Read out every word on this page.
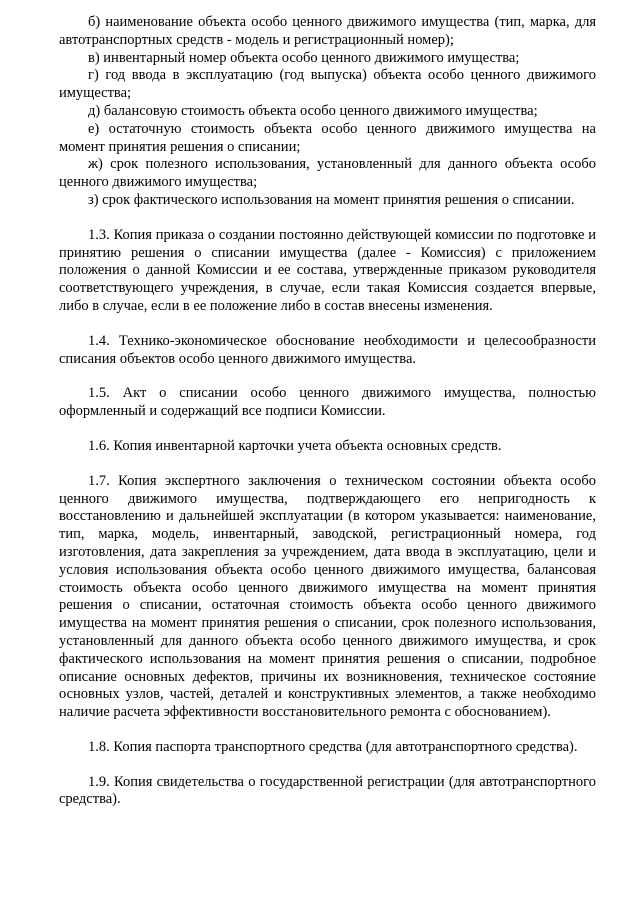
б) наименование объекта особо ценного движимого имущества (тип, марка, для автотранспортных средств - модель и регистрационный номер);

в) инвентарный номер объекта особо ценного движимого имущества;

г) год ввода в эксплуатацию (год выпуска) объекта особо ценного движимого имущества;

д) балансовую стоимость объекта особо ценного движимого имущества;

е) остаточную стоимость объекта особо ценного движимого имущества на момент принятия решения о списании;

ж) срок полезного использования, установленный для данного объекта особо ценного движимого имущества;

з) срок фактического использования на момент принятия решения о списании.

1.3. Копия приказа о создании постоянно действующей комиссии по подготовке и принятию решения о списании имущества (далее - Комиссия) с приложением положения о данной Комиссии и ее состава, утвержденные приказом руководителя соответствующего учреждения, в случае, если такая Комиссия создается впервые, либо в случае, если в ее положение либо в состав внесены изменения.

1.4. Технико-экономическое обоснование необходимости и целесообразности списания объектов особо ценного движимого имущества.

1.5. Акт о списании особо ценного движимого имущества, полностью оформленный и содержащий все подписи Комиссии.

1.6. Копия инвентарной карточки учета объекта основных средств.

1.7. Копия экспертного заключения о техническом состоянии объекта особо ценного движимого имущества, подтверждающего его непригодность к восстановлению и дальнейшей эксплуатации (в котором указывается: наименование, тип, марка, модель, инвентарный, заводской, регистрационный номера, год изготовления, дата закрепления за учреждением, дата ввода в эксплуатацию, цели и условия использования объекта особо ценного движимого имущества, балансовая стоимость объекта особо ценного движимого имущества на момент принятия решения о списании, остаточная стоимость объекта особо ценного движимого имущества на момент принятия решения о списании, срок полезного использования, установленный для данного объекта особо ценного движимого имущества, и срок фактического использования на момент принятия решения о списании, подробное описание основных дефектов, причины их возникновения, техническое состояние основных узлов, частей, деталей и конструктивных элементов, а также необходимо наличие расчета эффективности восстановительного ремонта с обоснованием).

1.8. Копия паспорта транспортного средства (для автотранспортного средства).

1.9. Копия свидетельства о государственной регистрации (для автотранспортного средства).
